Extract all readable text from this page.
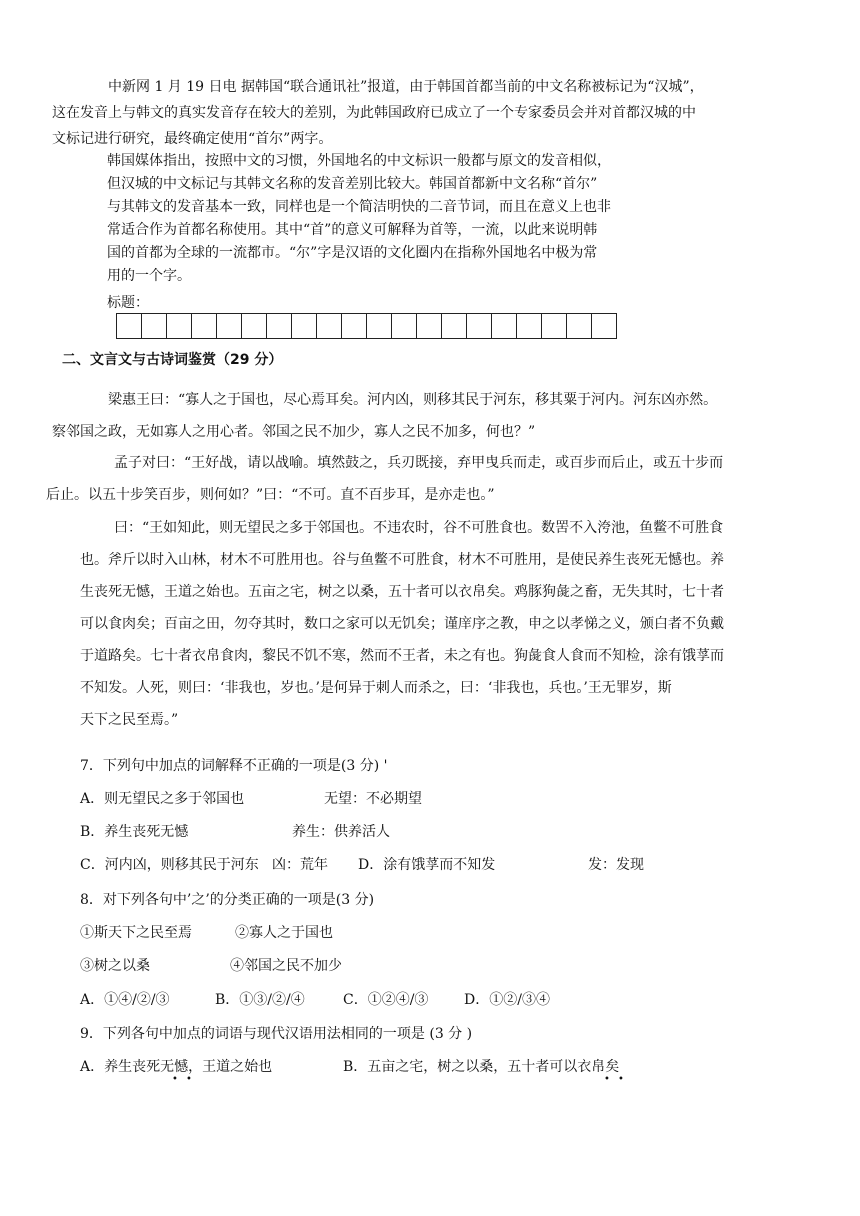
中新网 1 月 19 日电 据韩国“联合通讯社”报道，由于韩国首都当前的中文名称被标记为“汉城”，
这在发音上与韩文的真实发音存在较大的差别，为此韩国政府已成立了一个专家委员会并对首都汉城的中
文标记进行研究，最终确定使用“首尔”两字。

韩国媒体指出，按照中文的习惯，外国地名的中文标识一般都与原文的发音相似，
但汉城的中文标记与其韩文名称的发音差别比较大。韩国首都新中文名称“首尔”
与其韩文的发音基本一致，同样也是一个简洁明快的二音节词，而且在意义上也非
常适合作为首都名称使用。其中“首”的意义可解释为首等，一流，以此来说明韩
国的首都为全球的一流都市。“尔”字是汉语的文化圈内在指称外国地名中极为常
用的一个字。
标题：
二、文言文与古诗词鉴赏（29 分）
梁惠王曰：“寡人之于国也，尽心焉耳矣。河内凶，则移其民于河东，移其粟于河内。河东凶亦然。
察邻国之政，无如寡人之用心者。邻国之民不加少，寡人之民不加多，何也？”
孟子对曰：“王好战，请以战喻。填然鼓之，兵刃既接，弃甲曳兵而走，或百步而后止，或五十步而
后止。以五十步笑百步，则何如？”曰：“不可。直不百步耳，是亦走也。”
曰：“王如知此，则无望民之多于邻国也。不违农时，谷不可胜食也。数罟不入洿池，鱼鳖不可胜食
也。斧斤以时入山林，材木不可胜用也。谷与鱼鳖不可胜食，材木不可胜用，是使民养生丧死无憾也。养
生丧死无憾，王道之始也。五亩之宅，树之以桑，五十者可以衣帛矣。鸡豚狗彘之畜，无失其时，七十者
可以食肉矣；百亩之田，勿夺其时，数口之家可以无饥矣；谨庠序之教，申之以孝悌之义，颁白者不负戴
于道路矣。七十者衣帛食肉，黎民不饥不寒，然而不王者，未之有也。狗彘食人食而不知检，涂有饿莩而
不知发。人死，则曰：‘非我也，岁也。’是何异于刺人而杀之，曰：‘非我也，兵也。’王无罪岁，斯
天下之民至焉。”
7．下列句中加点的词解释不正确的一项是(3 分) '
A．则无望民之多于邻国也	无望：不必期望
B．养生丧死无憾	养生：供养活人
C．河内凶，则移其民于河东 凶：荒年 D．涂有饿莩而不知发	发：发现
8．对下列各句中’之’的分类正确的一项是(3 分)
①斯天下之民至焉	②寡人之于国也
③树之以桑	④邻国之民不加少
A．①④/②/③	B．①③/②/④	C．①②④/③	D．①②/③④
9．下列各句中加点的词语与现代汉语用法相同的一项是 (3 分 )
A．养生丧死无憾，王道之始也	B．五亩之宅，树之以桑，五十者可以衣帛矣
• •	• •
